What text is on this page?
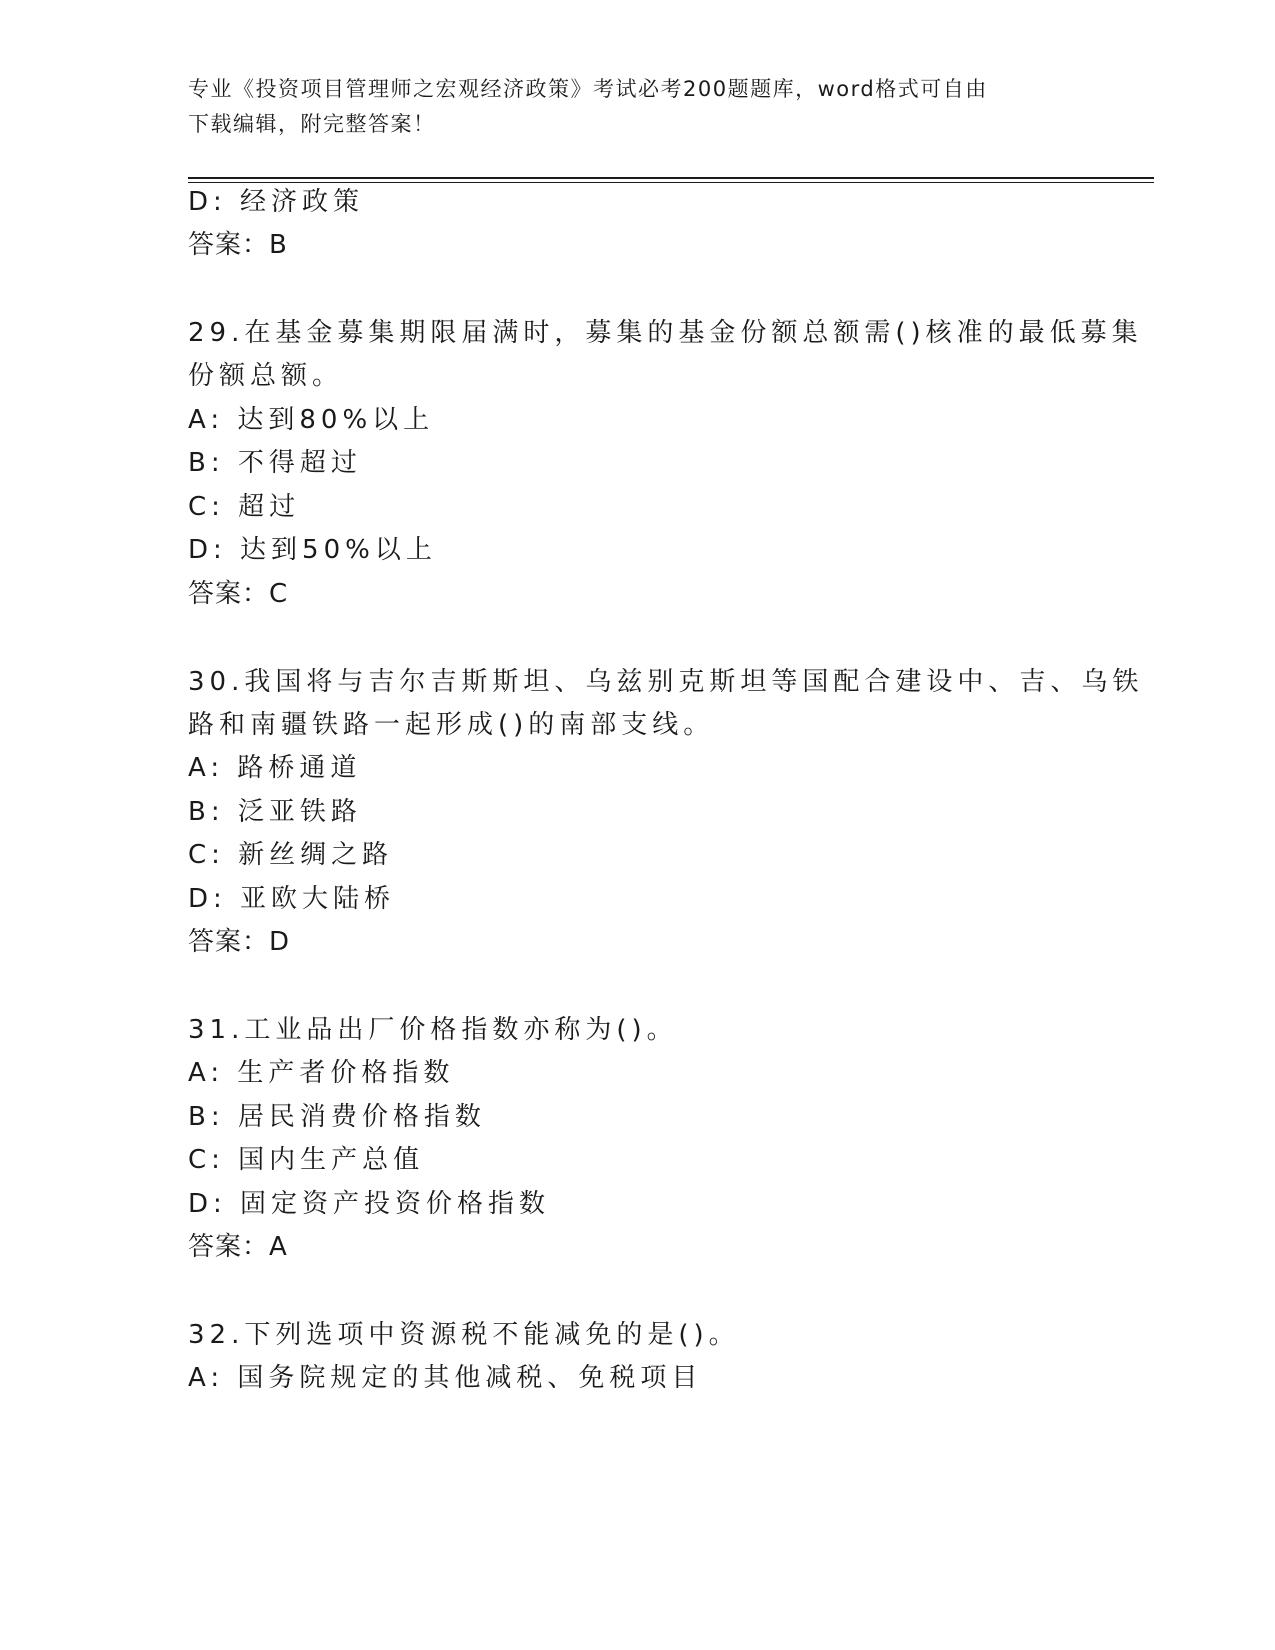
专业《投资项目管理师之宏观经济政策》考试必考200题题库，word格式可自由
下载编辑，附完整答案！
D: 经济政策
答案：B
29.在基金募集期限届满时，募集的基金份额总额需()核准的最低募集
份额总额。
A: 达到80%以上
B: 不得超过
C: 超过
D: 达到50%以上
答案：C
30.我国将与吉尔吉斯斯坦、乌兹别克斯坦等国配合建设中、吉、乌铁
路和南疆铁路一起形成()的南部支线。
A: 路桥通道
B: 泛亚铁路
C: 新丝绸之路
D: 亚欧大陆桥
答案：D
31.工业品出厂价格指数亦称为()。
A: 生产者价格指数
B: 居民消费价格指数
C: 国内生产总值
D: 固定资产投资价格指数
答案：A
32.下列选项中资源税不能减免的是()。
A: 国务院规定的其他减税、免税项目
